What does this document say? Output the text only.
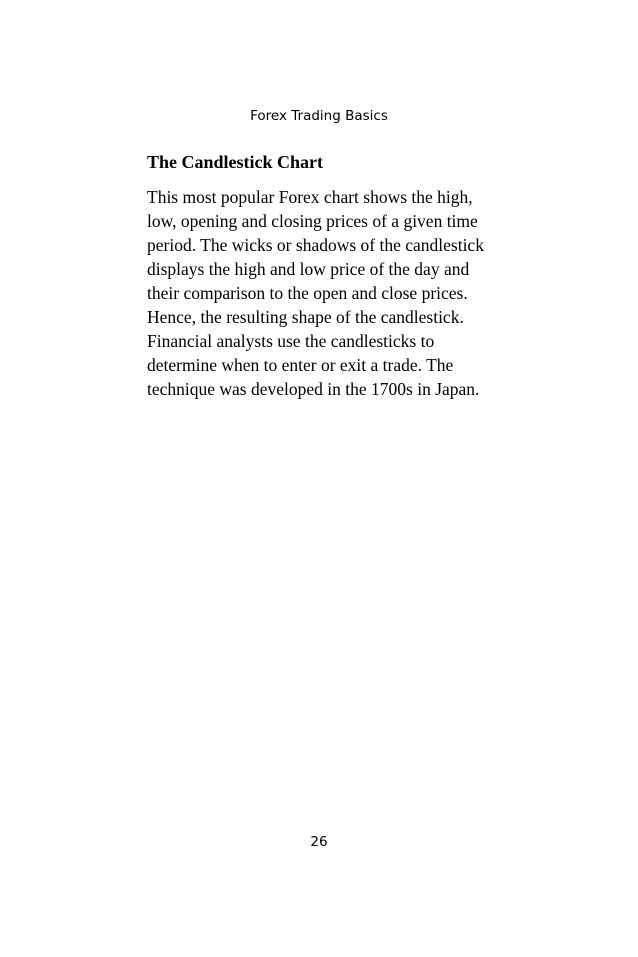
Forex Trading Basics
The Candlestick Chart

This most popular Forex chart shows the high,
low, opening and closing prices of a given time
period. The wicks or shadows of the candlestick
displays the high and low price of the day and
their comparison to the open and close prices.
Hence, the resulting shape of the candlestick.
Financial analysts use the candlesticks to
determine when to enter or exit a trade. The
technique was developed in the 1700s in Japan.

26
